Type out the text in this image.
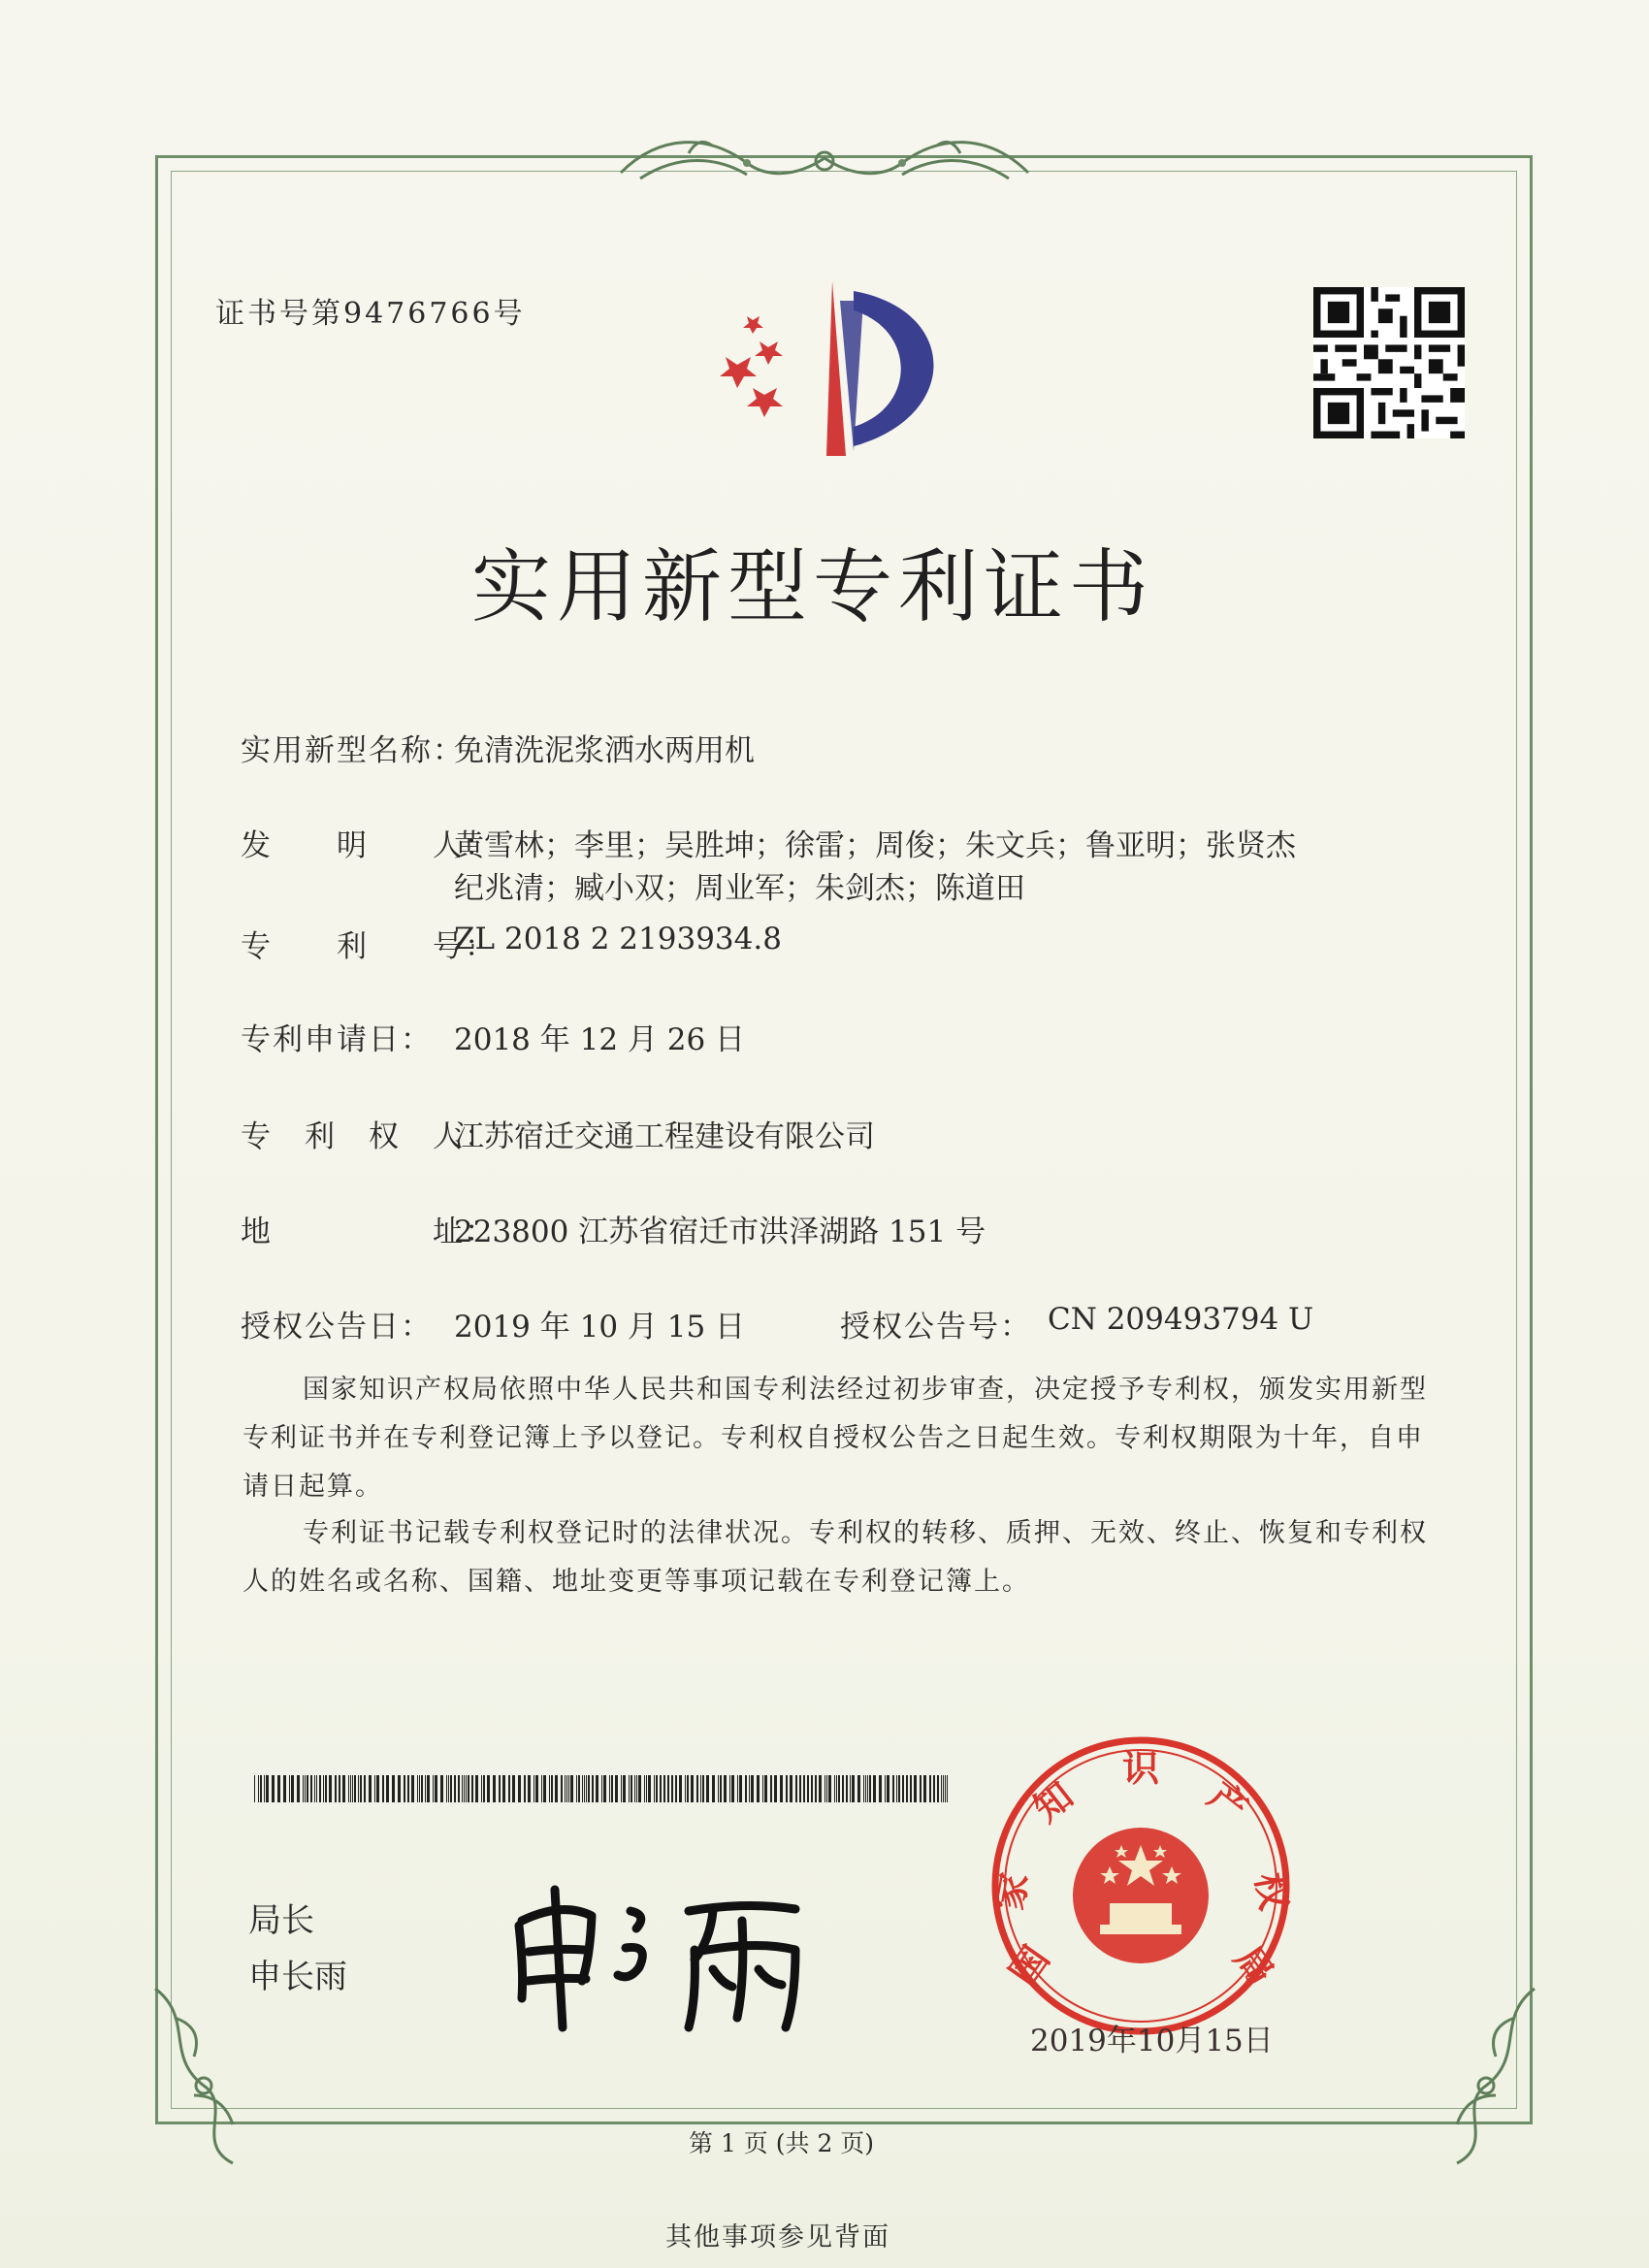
证书号第9476766号
实用新型专利证书
实用新型名称：
免清洗泥浆洒水两用机
发　　明　　人：
黄雪林；李里；吴胜坤；徐雷；周俊；朱文兵；鲁亚明；张贤杰
纪兆清；臧小双；周业军；朱剑杰；陈道田
专　　利　　号：
ZL 2018 2 2193934.8
专利申请日： 2018 年 12 月 26 日
专　利　权　人：
江苏宿迁交通工程建设有限公司
地　　　　　址：
223800 江苏省宿迁市洪泽湖路 151 号
授权公告日： 2019 年 10 月 15 日	授权公告号： CN 209493794 U
国家知识产权局依照中华人民共和国专利法经过初步审查，决定授予专利权，颁发实用新型专利证书并在专利登记簿上予以登记。专利权自授权公告之日起生效。专利权期限为十年，自申请日起算。
专利证书记载专利权登记时的法律状况。专利权的转移、质押、无效、终止、恢复和专利权人的姓名或名称、国籍、地址变更等事项记载在专利登记簿上。
局长
申长雨	国
家
知
识
产
权
局
2019年10月15日
第 1 页 (共 2 页)
其他事项参见背面
